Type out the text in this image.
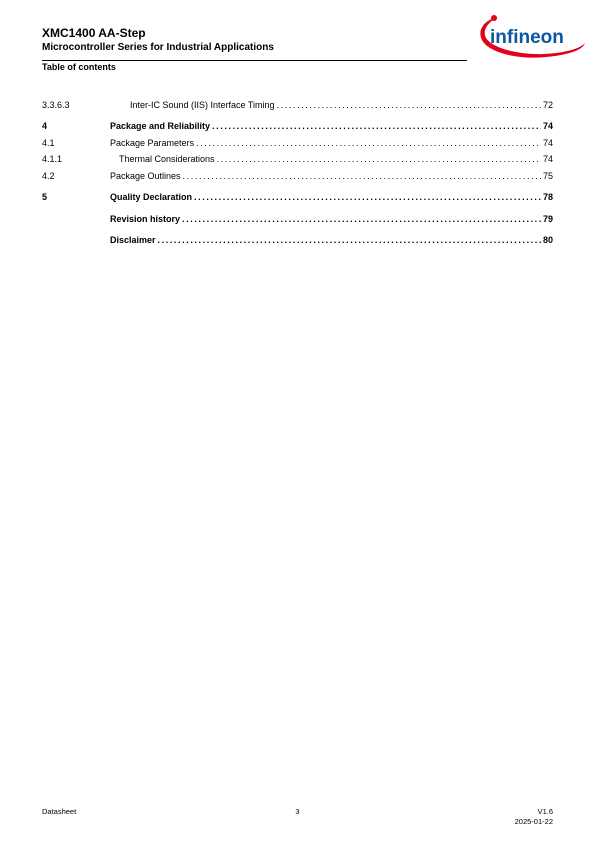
XMC1400 AA-Step
Microcontroller Series for Industrial Applications
Table of contents
infineon
3.3.6.3	Inter-IC Sound (IIS) Interface Timing .....	72
4	Package and Reliability .....	74
4.1	Package Parameters .....	74
4.1.1	Thermal Considerations .....	74
4.2	Package Outlines .....	75
5	Quality Declaration .....	78
Revision history .....	79
Disclaimer .....	80
Datasheet	3	V1.6
2025-01-22
